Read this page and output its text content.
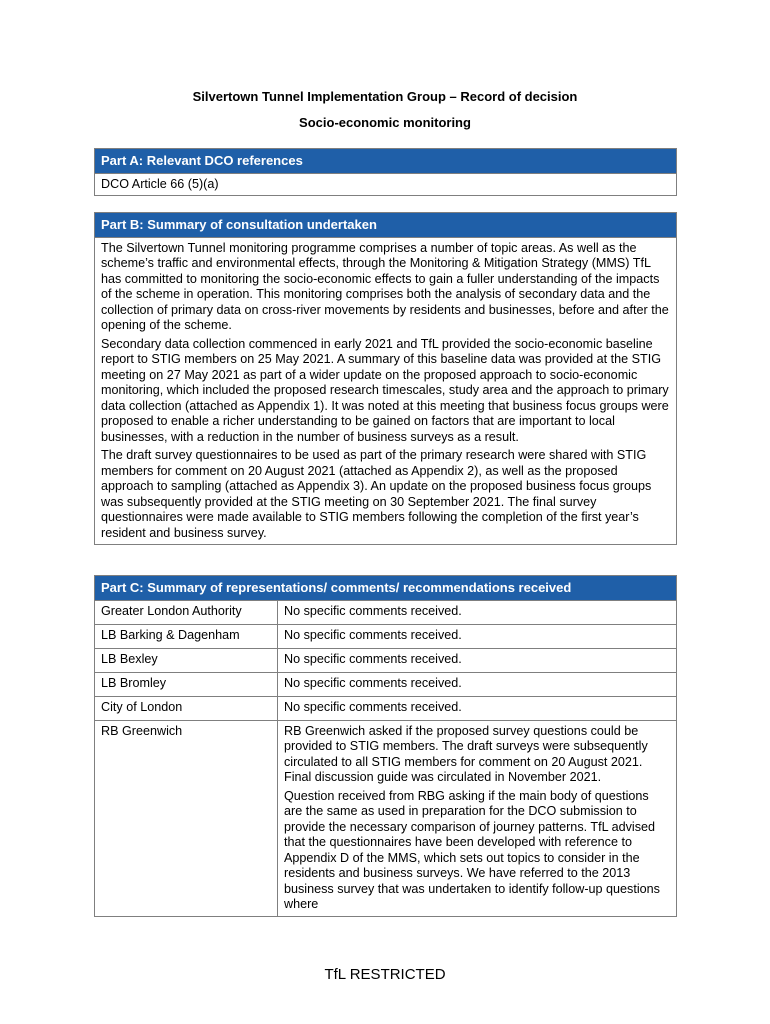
Silvertown Tunnel Implementation Group – Record of decision
Socio-economic monitoring
Part A: Relevant DCO references
DCO Article 66 (5)(a)
Part B: Summary of consultation undertaken

The Silvertown Tunnel monitoring programme comprises a number of topic areas. As well as the scheme’s traffic and environmental effects, through the Monitoring & Mitigation Strategy (MMS) TfL has committed to monitoring the socio-economic effects to gain a fuller understanding of the impacts of the scheme in operation. This monitoring comprises both the analysis of secondary data and the collection of primary data on cross-river movements by residents and businesses, before and after the opening of the scheme.

Secondary data collection commenced in early 2021 and TfL provided the socio-economic baseline report to STIG members on 25 May 2021. A summary of this baseline data was provided at the STIG meeting on 27 May 2021 as part of a wider update on the proposed approach to socio-economic monitoring, which included the proposed research timescales, study area and the approach to primary data collection (attached as Appendix 1). It was noted at this meeting that business focus groups were proposed to enable a richer understanding to be gained on factors that are important to local businesses, with a reduction in the number of business surveys as a result.

The draft survey questionnaires to be used as part of the primary research were shared with STIG members for comment on 20 August 2021 (attached as Appendix 2), as well as the proposed approach to sampling (attached as Appendix 3). An update on the proposed business focus groups was subsequently provided at the STIG meeting on 30 September 2021. The final survey questionnaires were made available to STIG members following the completion of the first year’s resident and business survey.

Part C: Summary of representations/ comments/ recommendations received	
Greater London Authority	No specific comments received.

LB Barking & Dagenham	No specific comments received.

LB Bexley	No specific comments received.

LB Bromley	No specific comments received.

City of London	No specific comments received.

RB Greenwich	RB Greenwich asked if the proposed survey questions could be provided to STIG members. The draft surveys were subsequently circulated to all STIG members for comment on 20 August 2021. Final discussion guide was circulated in November 2021.

Question received from RBG asking if the main body of questions are the same as used in preparation for the DCO submission to provide the necessary comparison of journey patterns. TfL advised that the questionnaires have been developed with reference to Appendix D of the MMS, which sets out topics to consider in the residents and business surveys. We have referred to the 2013 business survey that was undertaken to identify follow-up questions where

TfL RESTRICTED
